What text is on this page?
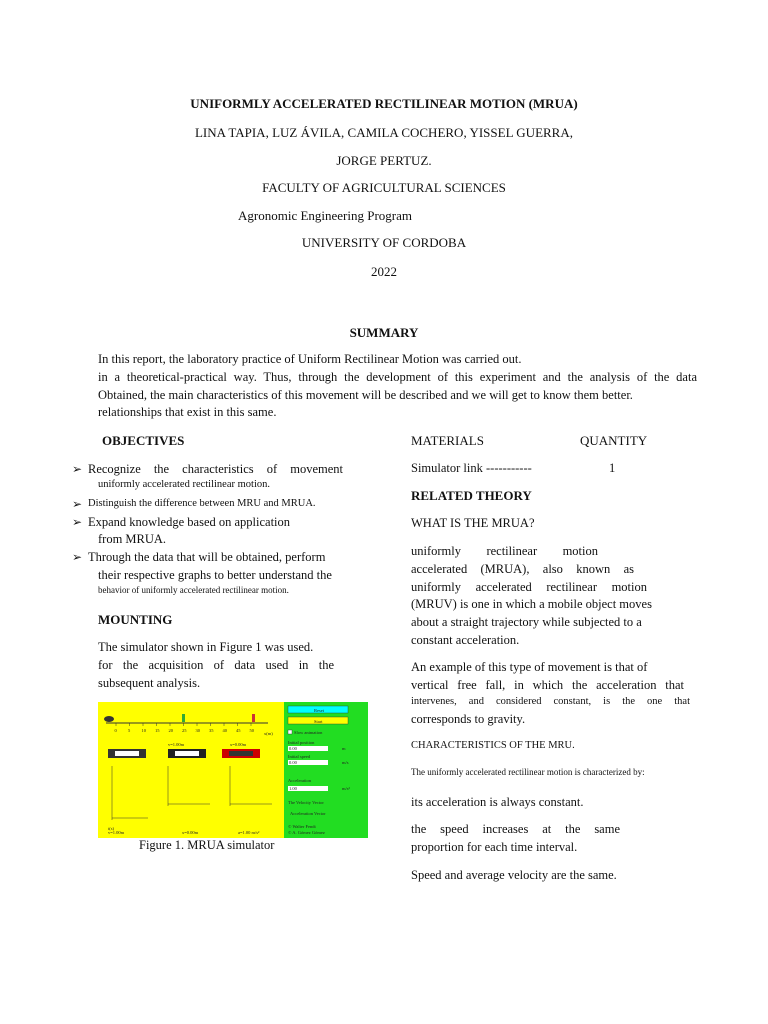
UNIFORMLY ACCELERATED RECTILINEAR MOTION (MRUA)
LINA TAPIA, LUZ ÁVILA, CAMILA COCHERO, YISSEL GUERRA,
JORGE PERTUZ.
FACULTY OF AGRICULTURAL SCIENCES
Agronomic Engineering Program
UNIVERSITY OF CORDOBA
2022
SUMMARY
In this report, the laboratory practice of Uniform Rectilinear Motion was carried out.
in a theoretical-practical way. Thus, through the development of this experiment and the analysis of the data
Obtained, the main characteristics of this movement will be described and we will get to know them better.
relationships that exist in this same.
OBJECTIVES
➢ Recognize the characteristics of movement
uniformly accelerated rectilinear motion.
➢ Distinguish the difference between MRU and MRUA.
➢ Expand knowledge based on application
from MRUA.
➢ Through the data that will be obtained, perform
their respective graphs to better understand the
behavior of uniformly accelerated rectilinear motion.
MOUNTING
The simulator shown in Figure 1 was used.
for the acquisition of data used in the
subsequent analysis.
0	5	10 15 20 25 30 35 40 45 50
x(m)
v=1.00m	x=0.00m
t(s)
v=1.00m	x=0.00m	a=1.00 m/s²
Reset
Start
Slow animation
Initial position
0.00	m
Initial speed
0.00	m/s
Acceleration
1.00	m/s²
The Velocity Vector
Acceleration Vector
© Walter Fendt
© A. Gómez Gómez
Figure 1. MRUA simulator
MATERIALS	QUANTITY
Simulator link -----------	1
RELATED THEORY
WHAT IS THE MRUA?
uniformly rectilinear motion
accelerated (MRUA), also known as
uniformly accelerated rectilinear motion
(MRUV) is one in which a mobile object moves
about a straight trajectory while subjected to a
constant acceleration.
An example of this type of movement is that of
vertical free fall, in which the acceleration that
intervenes, and considered constant, is the one that
corresponds to gravity.
CHARACTERISTICS OF THE MRU.
The uniformly accelerated rectilinear motion is characterized by:
its acceleration is always constant.
the speed increases at the same
proportion for each time interval.
Speed and average velocity are the same.
